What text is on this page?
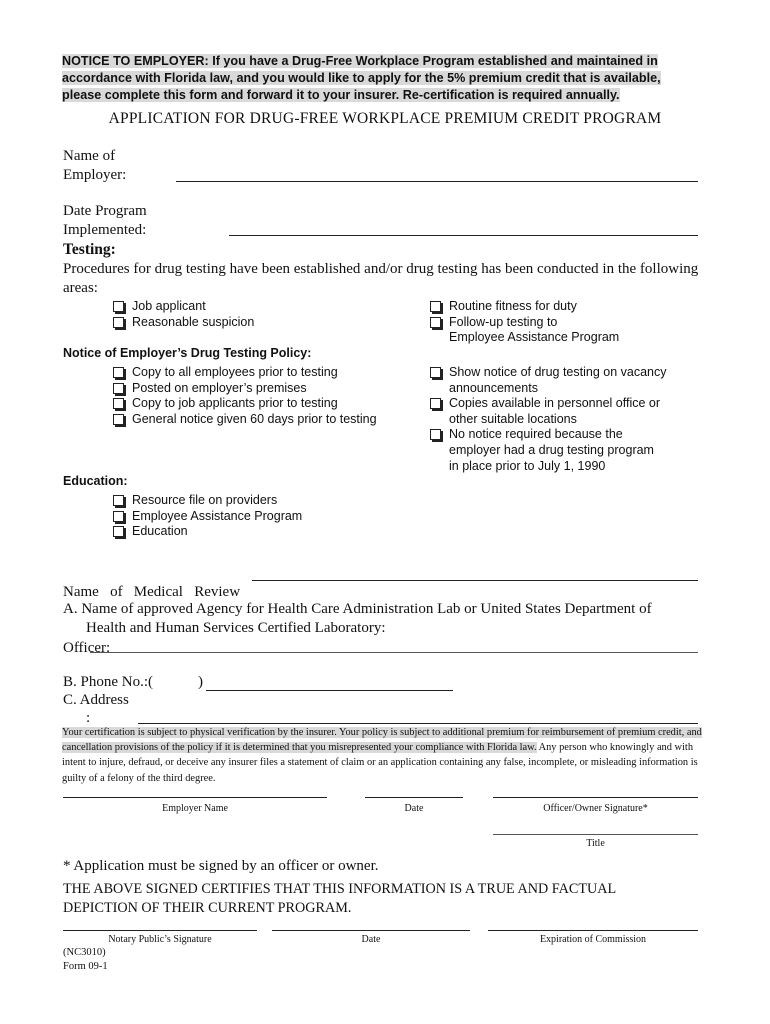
NOTICE TO EMPLOYER: If you have a Drug-Free Workplace Program established and maintained in accordance with Florida law, and you would like to apply for the 5% premium credit that is available, please complete this form and forward it to your insurer. Re-certification is required annually.
APPLICATION FOR DRUG-FREE WORKPLACE PREMIUM CREDIT PROGRAM
Name of
Employer:
Date Program
Implemented:
Testing:
Procedures for drug testing have been established and/or drug testing has been conducted in the following areas:
Job applicant
Reasonable suspicion
Routine fitness for duty
Follow-up testing to
Employee Assistance Program
Notice of Employer’s Drug Testing Policy:
Copy to all employees prior to testing
Posted on employer’s premises
Copy to job applicants prior to testing
General notice given 60 days prior to testing
Show notice of drug testing on vacancy
announcements
Copies available in personnel office or
other suitable locations
No notice required because the
employer had a drug testing program
in place prior to July 1, 1990
Education:
Resource file on providers
Employee Assistance Program
Education

Name   of   Medical   Review

Officer:

A. Name of approved Agency for Health Care Administration Lab or United States Department of
Health and Human Services Certified Laboratory:
B. Phone No.:(	)
C. Address
:
Your certification is subject to physical verification by the insurer. Your policy is subject to additional premium for reimbursement of premium credit, and cancellation provisions of the policy if it is determined that you misrepresented your compliance with Florida law. Any person who knowingly and with intent to injure, defraud, or deceive any insurer files a statement of claim or an application containing any false, incomplete, or misleading information is guilty of a felony of the third degree.
Employer Name	Date	Officer/Owner Signature*
Title
* Application must be signed by an officer or owner.
THE ABOVE SIGNED CERTIFIES THAT THIS INFORMATION IS A TRUE AND FACTUAL
DEPICTION OF THEIR CURRENT PROGRAM.
Notary Public’s Signature	Date	Expiration of Commission
(NC3010)
Form 09-1
